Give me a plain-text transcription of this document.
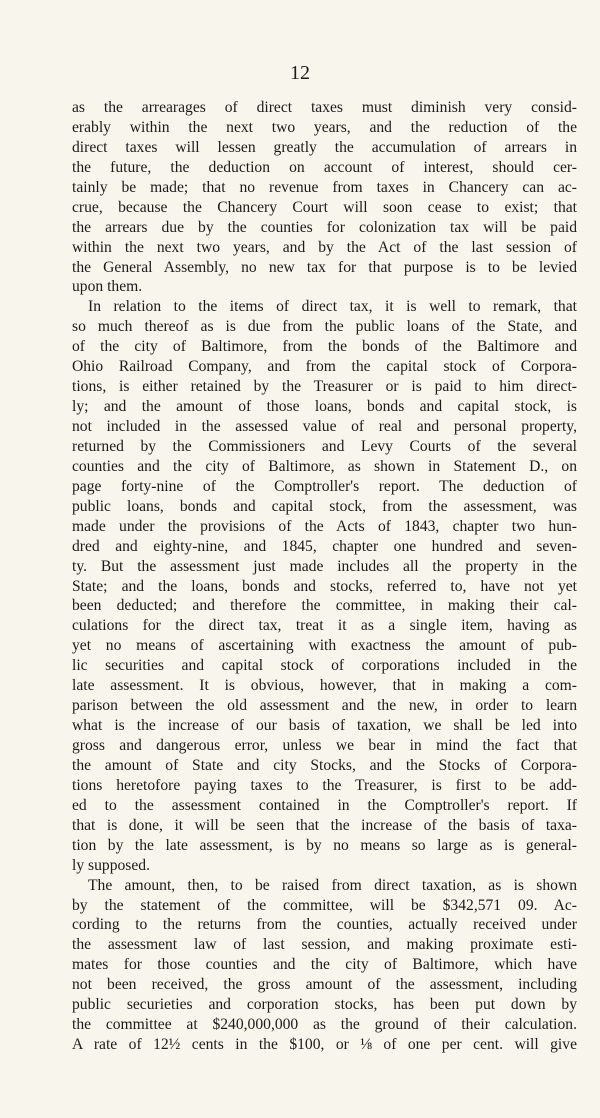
12
as the arrearages of direct taxes must diminish very consid-
erably within the next two years, and the reduction of the
direct taxes will lessen greatly the accumulation of arrears in
the future, the deduction on account of interest, should cer-
tainly be made; that no revenue from taxes in Chancery can ac-
crue, because the Chancery Court will soon cease to exist; that
the arrears due by the counties for colonization tax will be paid
within the next two years, and by the Act of the last session of
the General Assembly, no new tax for that purpose is to be levied
upon them.
In relation to the items of direct tax, it is well to remark, that
so much thereof as is due from the public loans of the State, and
of the city of Baltimore, from the bonds of the Baltimore and
Ohio Railroad Company, and from the capital stock of Corpora-
tions, is either retained by the Treasurer or is paid to him direct-
ly; and the amount of those loans, bonds and capital stock, is
not included in the assessed value of real and personal property,
returned by the Commissioners and Levy Courts of the several
counties and the city of Baltimore, as shown in Statement D., on
page forty-nine of the Comptroller's report. The deduction of
public loans, bonds and capital stock, from the assessment, was
made under the provisions of the Acts of 1843, chapter two hun-
dred and eighty-nine, and 1845, chapter one hundred and seven-
ty. But the assessment just made includes all the property in the
State; and the loans, bonds and stocks, referred to, have not yet
been deducted; and therefore the committee, in making their cal-
culations for the direct tax, treat it as a single item, having as
yet no means of ascertaining with exactness the amount of pub-
lic securities and capital stock of corporations included in the
late assessment. It is obvious, however, that in making a com-
parison between the old assessment and the new, in order to learn
what is the increase of our basis of taxation, we shall be led into
gross and dangerous error, unless we bear in mind the fact that
the amount of State and city Stocks, and the Stocks of Corpora-
tions heretofore paying taxes to the Treasurer, is first to be add-
ed to the assessment contained in the Comptroller's report. If
that is done, it will be seen that the increase of the basis of taxa-
tion by the late assessment, is by no means so large as is general-
ly supposed.
The amount, then, to be raised from direct taxation, as is shown
by the statement of the committee, will be $342,571 09. Ac-
cording to the returns from the counties, actually received under
the assessment law of last session, and making proximate esti-
mates for those counties and the city of Baltimore, which have
not been received, the gross amount of the assessment, including
public securieties and corporation stocks, has been put down by
the committee at $240,000,000 as the ground of their calculation.
A rate of 12½ cents in the $100, or ⅛ of one per cent. will give
